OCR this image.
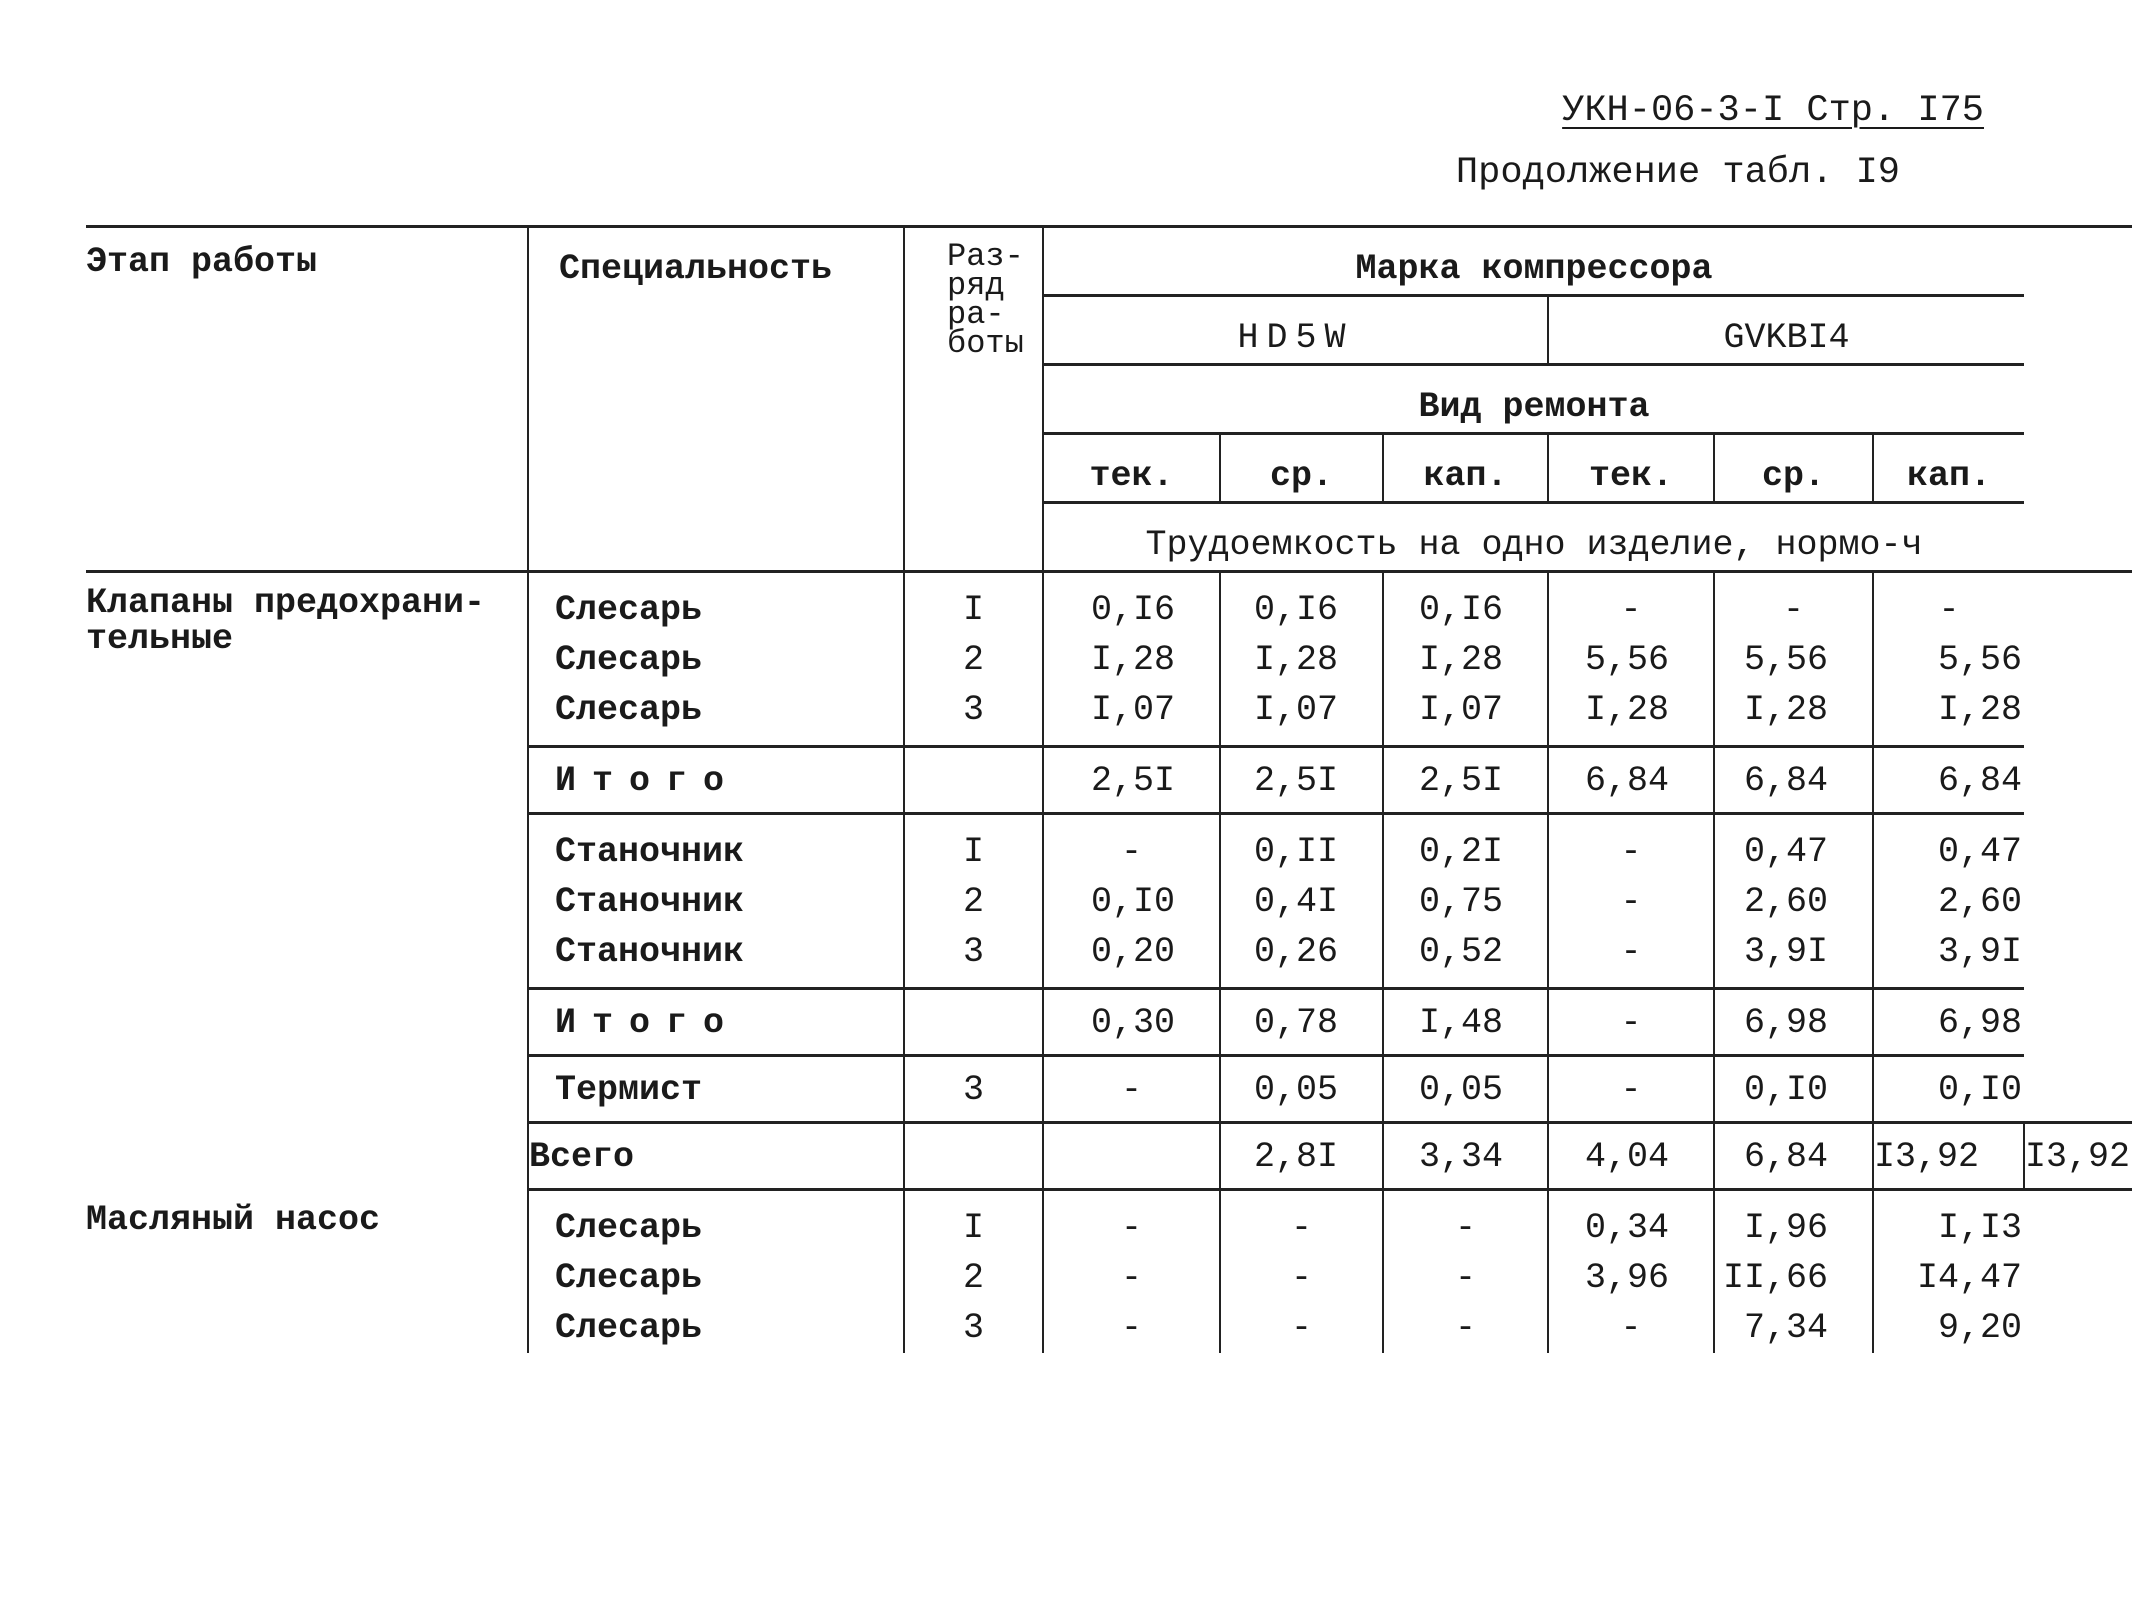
УКН-06-3-I Стр. I75
Продолжение табл. I9
Этап работы	Специальность	Раз-
ряд
ра-
боты	Марка компрессора						
			HD5W			GVKBI4			
			Вид ремонта						
			тек.	ср.	кап.	тек.	ср.	кап.	
			Трудоемкость на одно изделие, нормо-ч						
Клапаны предохрани-
тельные	Слесарь	I	0,I6	0,I6	0,I6	-	-	-	
	Слесарь	2	I,28	I,28	I,28	5,56	5,56	5,56	
	Слесарь	3	I,07	I,07	I,07	I,28	I,28	I,28	
	Итого		2,5I	2,5I	2,5I	6,84	6,84	6,84	
	Станочник	I	-	0,II	0,2I	-	0,47	0,47	
	Станочник	2	0,I0	0,4I	0,75	-	2,60	2,60	
	Станочник	3	0,20	0,26	0,52	-	3,9I	3,9I	
	Итого		0,30	0,78	I,48	-	6,98	6,98	
	Термист	3	-	0,05	0,05	-	0,I0	0,I0	
	Всего			2,8I	3,34	4,04	6,84	I3,92	I3,92
Масляный насос	Слесарь	I	-	-	-	0,34	I,96	I,I3	
	Слесарь	2	-	-	-	3,96	II,66	I4,47	
	Слесарь	3	-	-	-	-	7,34	9,20	
